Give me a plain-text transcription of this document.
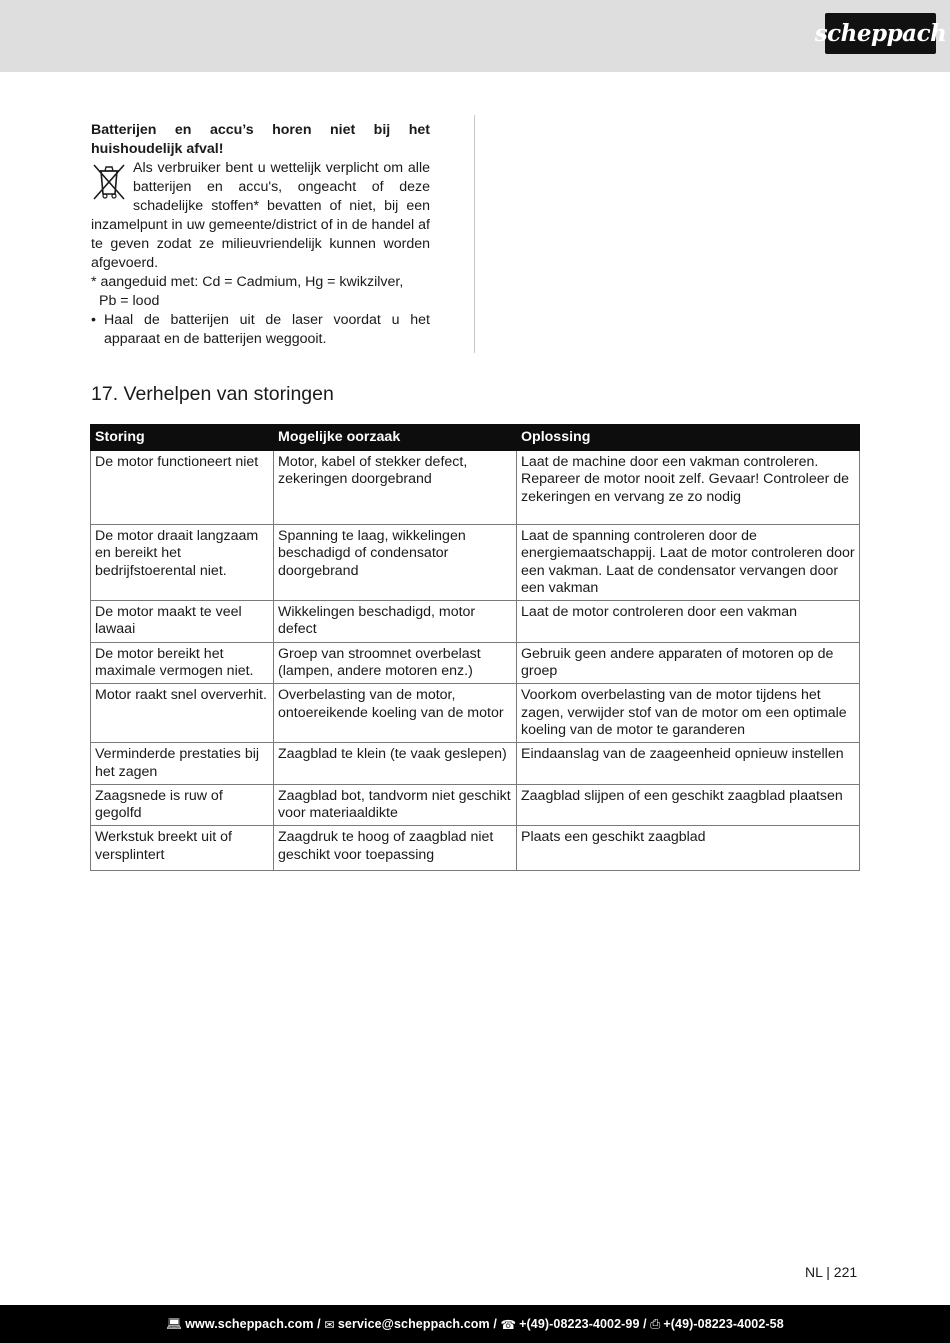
scheppach

Batterijen en accu’s horen niet bij het huishoudelijk afval!

Als verbruiker bent u wettelijk verplicht om alle batterijen en accu's, ongeacht of deze schadelijke stoffen* bevatten of niet, bij een inzamelpunt in uw gemeente/district of in de handel af te geven zodat ze milieuvriendelijk kunnen worden afgevoerd.

* aangeduid met: Cd = Cadmium, Hg = kwikzilver,

Pb = lood

• Haal de batterijen uit de laser voordat u het apparaat en de batterijen weggooit.
17. Verhelpen van storingen
Storing	Mogelijke oorzaak	Oplossing
De motor functioneert niet	Motor, kabel of stekker defect, zekeringen doorgebrand	Laat de machine door een vakman controleren. Repareer de motor nooit zelf. Gevaar! Controleer de zekeringen en vervang ze zo nodig
De motor draait langzaam en bereikt het bedrijfstoerental niet.	Spanning te laag, wikkelingen beschadigd of condensator doorgebrand	Laat de spanning controleren door de energiemaatschappij. Laat de motor controleren door een vakman. Laat de condensator vervangen door een vakman
De motor maakt te veel lawaai	Wikkelingen beschadigd, motor defect	Laat de motor controleren door een vakman
De motor bereikt het maximale vermogen niet.	Groep van stroomnet overbelast (lampen, andere motoren enz.)	Gebruik geen andere apparaten of motoren op de groep
Motor raakt snel oververhit.	Overbelasting van de motor, ontoereikende koeling van de motor	Voorkom overbelasting van de motor tijdens het zagen, verwijder stof van de motor om een optimale koeling van de motor te garanderen
Verminderde prestaties bij het zagen	Zaagblad te klein (te vaak geslepen)	Eindaanslag van de zaageenheid opnieuw instellen
Zaagsnede is ruw of gegolfd	Zaagblad bot, tandvorm niet geschikt voor materiaaldikte	Zaagblad slijpen of een geschikt zaagblad plaatsen
Werkstuk breekt uit of versplintert	Zaagdruk te hoog of zaagblad niet geschikt voor toepassing	Plaats een geschikt zaagblad
NL | 221
💻︎ www.scheppach.com / ✉︎ service@scheppach.com / ☎︎ +(49)-08223-4002-99 / ⎙ +(49)-08223-4002-58
